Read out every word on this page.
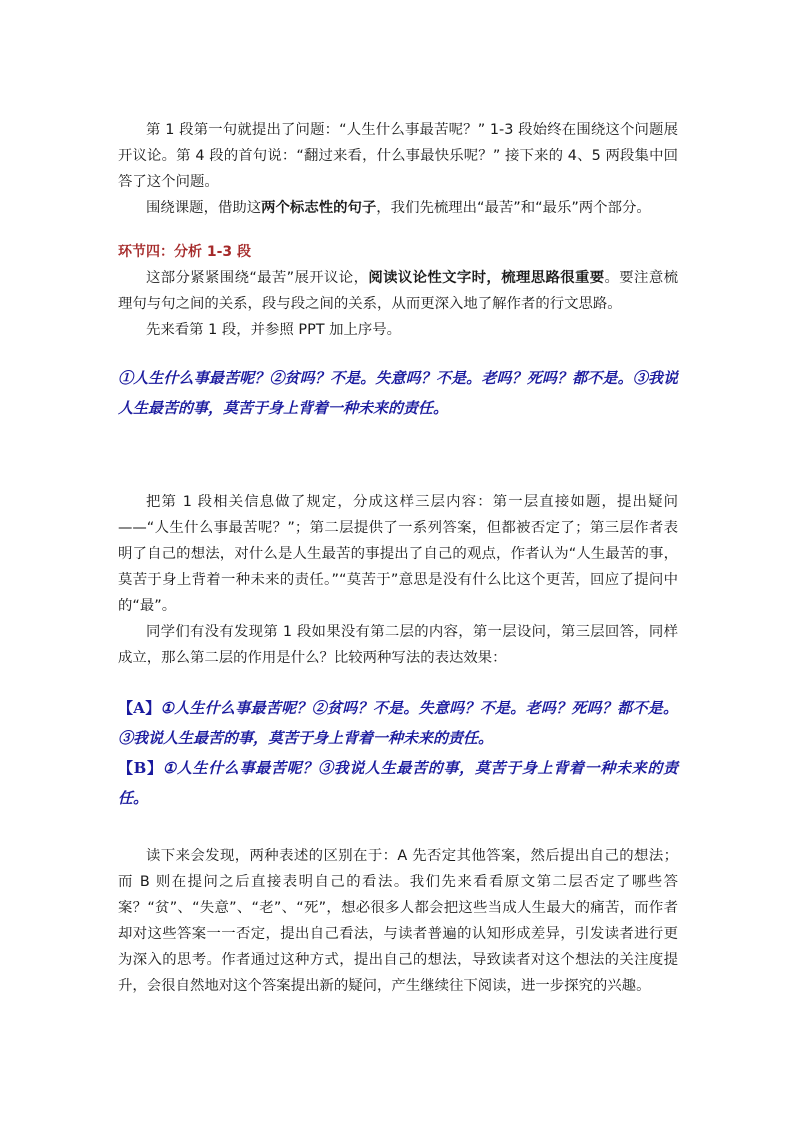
第 1 段第一句就提出了问题：“人生什么事最苦呢？” 1-3 段始终在围绕这个问题展开议论。第 4 段的首句说：“翻过来看，什么事最快乐呢？” 接下来的 4、5 两段集中回答了这个问题。

围绕课题，借助这两个标志性的句子，我们先梳理出“最苦”和“最乐”两个部分。

环节四：分析 1-3 段

这部分紧紧围绕“最苦”展开议论，阅读议论性文字时，梳理思路很重要。要注意梳理句与句之间的关系，段与段之间的关系，从而更深入地了解作者的行文思路。

先来看第 1 段，并参照 PPT 加上序号。

①人生什么事最苦呢？②贫吗？不是。失意吗？不是。老吗？死吗？都不是。③我说人生最苦的事，莫苦于身上背着一种未来的责任。

把第 1 段相关信息做了规定，分成这样三层内容：第一层直接如题，提出疑问——“人生什么事最苦呢？”；第二层提供了一系列答案，但都被否定了；第三层作者表明了自己的想法，对什么是人生最苦的事提出了自己的观点，作者认为“人生最苦的事，莫苦于身上背着一种未来的责任。”“莫苦于”意思是没有什么比这个更苦，回应了提问中的“最”。

同学们有没有发现第 1 段如果没有第二层的内容，第一层设问，第三层回答，同样成立，那么第二层的作用是什么？比较两种写法的表达效果：

【A】①人生什么事最苦呢？②贫吗？不是。失意吗？不是。老吗？死吗？都不是。③我说人生最苦的事，莫苦于身上背着一种未来的责任。

【B】①人生什么事最苦呢？③我说人生最苦的事，莫苦于身上背着一种未来的责任。

读下来会发现，两种表述的区别在于：A 先否定其他答案，然后提出自己的想法；而 B 则在提问之后直接表明自己的看法。我们先来看看原文第二层否定了哪些答案？“贫”、“失意”、“老”、“死”，想必很多人都会把这些当成人生最大的痛苦，而作者却对这些答案一一否定，提出自己看法，与读者普遍的认知形成差异，引发读者进行更为深入的思考。作者通过这种方式，提出自己的想法，导致读者对这个想法的关注度提升，会很自然地对这个答案提出新的疑问，产生继续往下阅读，进一步探究的兴趣。
